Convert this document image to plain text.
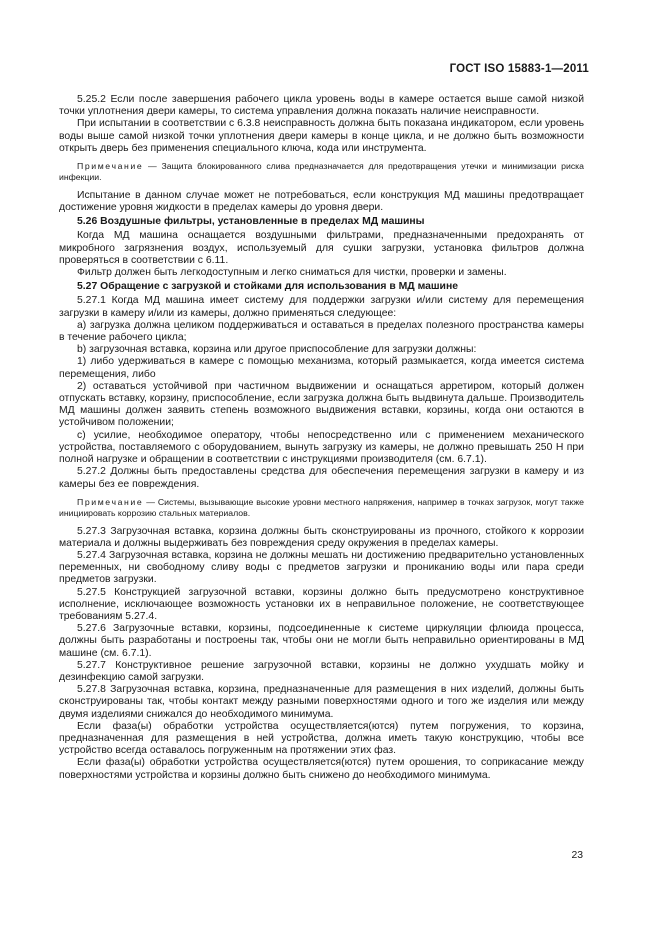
ГОСТ ISO 15883-1—2011

5.25.2 Если после завершения рабочего цикла уровень воды в камере остается выше самой низкой точки уплотнения двери камеры, то система управления должна показать наличие неисправности.

При испытании в соответствии с 6.3.8 неисправность должна быть показана индикатором, если уровень воды выше самой низкой точки уплотнения двери камеры в конце цикла, и не должно быть возможности открыть дверь без применения специального ключа, кода или инструмента.

Примечание — Защита блокированного слива предназначается для предотвращения утечки и минимизации риска инфекции.

Испытание в данном случае может не потребоваться, если конструкция МД машины предотвращает достижение уровня жидкости в пределах камеры до уровня двери.

5.26 Воздушные фильтры, установленные в пределах МД машины

Когда МД машина оснащается воздушными фильтрами, предназначенными предохранять от микробного загрязнения воздух, используемый для сушки загрузки, установка фильтров должна проверяться в соответствии с 6.11.

Фильтр должен быть легкодоступным и легко сниматься для чистки, проверки и замены.

5.27 Обращение с загрузкой и стойками для использования в МД машине

5.27.1 Когда МД машина имеет систему для поддержки загрузки и/или систему для перемещения загрузки в камеру и/или из камеры, должно применяться следующее:

а) загрузка должна целиком поддерживаться и оставаться в пределах полезного пространства камеры в течение рабочего цикла;

b) загрузочная вставка, корзина или другое приспособление для загрузки должны:

1) либо удерживаться в камере с помощью механизма, который размыкается, когда имеется система перемещения, либо

2) оставаться устойчивой при частичном выдвижении и оснащаться арретиром, который должен отпускать вставку, корзину, приспособление, если загрузка должна быть выдвинута дальше. Производитель МД машины должен заявить степень возможного выдвижения вставки, корзины, когда они остаются в устойчивом положении;

с) усилие, необходимое оператору, чтобы непосредственно или с применением механического устройства, поставляемого с оборудованием, вынуть загрузку из камеры, не должно превышать 250 Н при полной нагрузке и обращении в соответствии с инструкциями производителя (см. 6.7.1).

5.27.2 Должны быть предоставлены средства для обеспечения перемещения загрузки в камеру и из камеры без ее повреждения.

Примечание — Системы, вызывающие высокие уровни местного напряжения, например в точках загрузок, могут также инициировать коррозию стальных материалов.

5.27.3 Загрузочная вставка, корзина должны быть сконструированы из прочного, стойкого к коррозии материала и должны выдерживать без повреждения среду окружения в пределах камеры.

5.27.4 Загрузочная вставка, корзина не должны мешать ни достижению предварительно установленных переменных, ни свободному сливу воды с предметов загрузки и прониканию воды или пара среди предметов загрузки.

5.27.5 Конструкцией загрузочной вставки, корзины должно быть предусмотрено конструктивное исполнение, исключающее возможность установки их в неправильное положение, не соответствующее требованиям 5.27.4.

5.27.6 Загрузочные вставки, корзины, подсоединенные к системе циркуляции флюида процесса, должны быть разработаны и построены так, чтобы они не могли быть неправильно ориентированы в МД машине (см. 6.7.1).

5.27.7 Конструктивное решение загрузочной вставки, корзины не должно ухудшать мойку и дезинфекцию самой загрузки.

5.27.8 Загрузочная вставка, корзина, предназначенные для размещения в них изделий, должны быть сконструированы так, чтобы контакт между разными поверхностями одного и того же изделия или между двумя изделиями снижался до необходимого минимума.

Если фаза(ы) обработки устройства осуществляется(ются) путем погружения, то корзина, предназначенная для размещения в ней устройства, должна иметь такую конструкцию, чтобы все устройство всегда оставалось погруженным на протяжении этих фаз.

Если фаза(ы) обработки устройства осуществляется(ются) путем орошения, то соприкасание между поверхностями устройства и корзины должно быть снижено до необходимого минимума.

23
